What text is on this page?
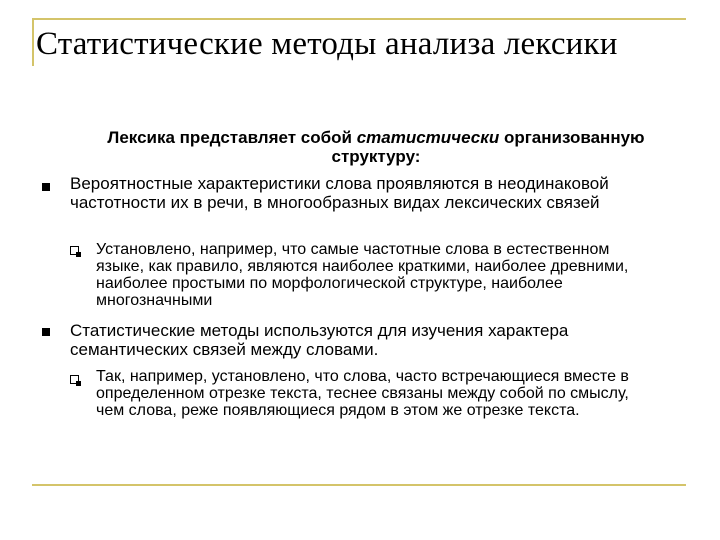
Статистические методы анализа лексики
Лексика представляет собой статистически организованную структуру:
Вероятностные характеристики слова проявляются в неодинаковой частотности их в речи, в многообразных видах лексических связей
Установлено, например, что самые частотные слова в естественном языке, как правило, являются наиболее краткими, наиболее древними, наиболее простыми по морфологической структуре, наиболее многозначными
Статистические методы используются для изучения характера семантических связей между словами.
Так, например, установлено, что слова, часто встречающиеся вместе в определенном отрезке текста, теснее связаны между собой по смыслу, чем слова, реже появляющиеся рядом в этом же отрезке текста.
